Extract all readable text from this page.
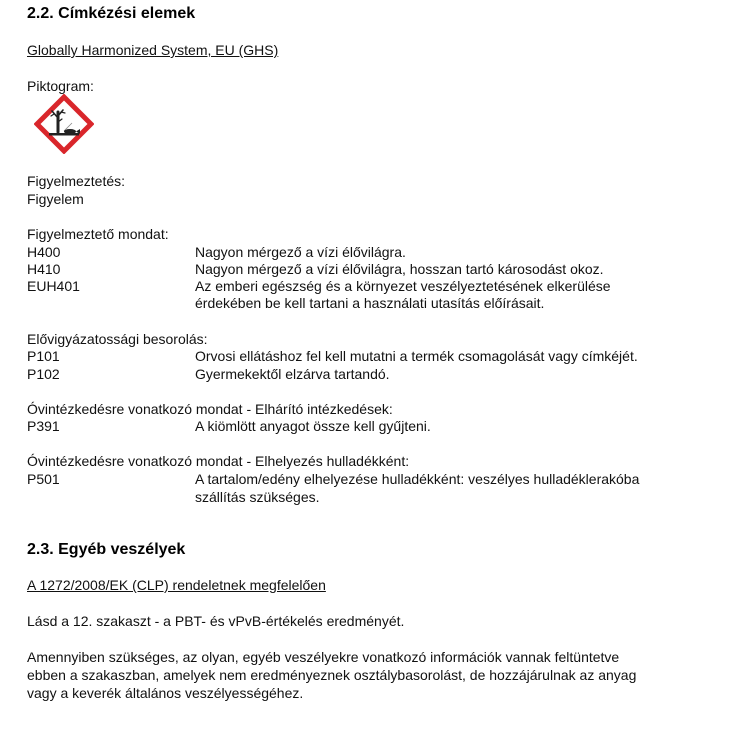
2.2. Címkézési elemek
Globally Harmonized System, EU (GHS)
Piktogram:
Figyelmeztetés:
Figyelem
Figyelmeztető mondat:
H400	Nagyon mérgező a vízi élővilágra.
H410	Nagyon mérgező a vízi élővilágra, hosszan tartó károsodást okoz.
EUH401	Az emberi egészség és a környezet veszélyeztetésének elkerülése
érdekében be kell tartani a használati utasítás előírásait.
Elővigyázatossági besorolás:
P101	Orvosi ellátáshoz fel kell mutatni a termék csomagolását vagy címkéjét.
P102	Gyermekektől elzárva tartandó.
Óvintézkedésre vonatkozó mondat - Elhárító intézkedések:
P391	A kiömlött anyagot össze kell gyűjteni.
Óvintézkedésre vonatkozó mondat - Elhelyezés hulladékként:
P501	A tartalom/edény elhelyezése hulladékként: veszélyes hulladéklerakóba
szállítás szükséges.
2.3. Egyéb veszélyek
A 1272/2008/EK (CLP) rendeletnek megfelelően
Lásd a 12. szakaszt - a PBT- és vPvB-értékelés eredményét.
Amennyiben szükséges, az olyan, egyéb veszélyekre vonatkozó információk vannak feltüntetve
ebben a szakaszban, amelyek nem eredményeznek osztálybasorolást, de hozzájárulnak az anyag
vagy a keverék általános veszélyességéhez.
